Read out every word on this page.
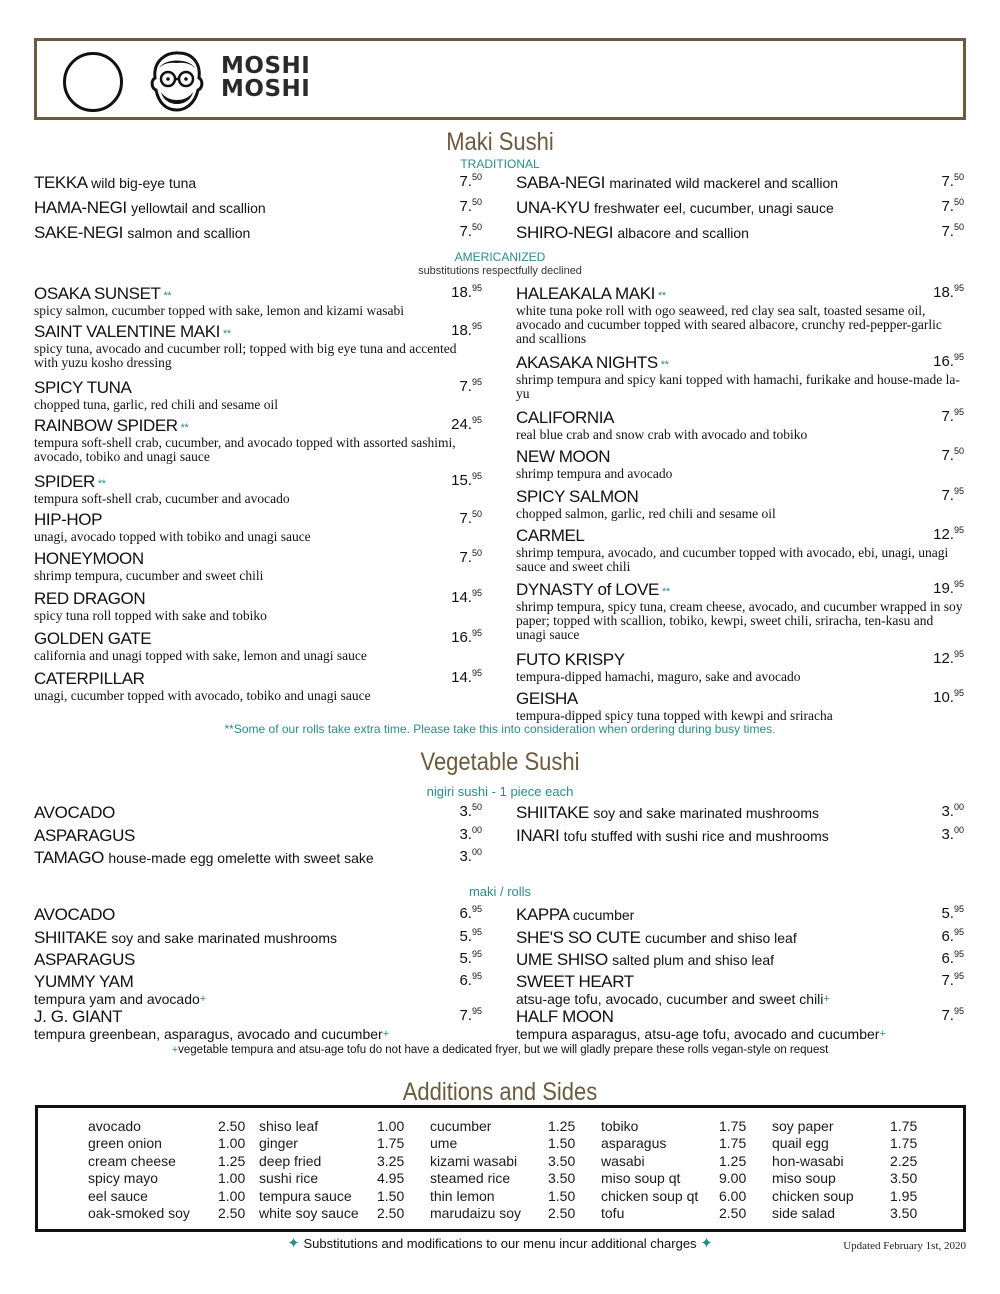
MOSHI
MOSHI
Maki Sushi
TRADITIONAL
TEKKA wild big-eye tuna	7.50
HAMA-NEGI yellowtail and scallion	7.50
SAKE-NEGI salmon and scallion	7.50
SABA-NEGI marinated wild mackerel and scallion	7.50
UNA-KYU freshwater eel, cucumber, unagi sauce	7.50
SHIRO-NEGI albacore and scallion	7.50
AMERICANIZED
substitutions respectfully declined
OSAKA SUNSET **	18.95
spicy salmon, cucumber topped with sake, lemon and kizami wasabi
SAINT VALENTINE MAKI **	18.95
spicy tuna, avocado and cucumber roll; topped with big eye tuna and accented with yuzu kosho dressing
SPICY TUNA	7.95
chopped tuna, garlic, red chili and sesame oil
RAINBOW SPIDER **	24.95
tempura soft-shell crab, cucumber, and avocado topped with assorted sashimi, avocado, tobiko and unagi sauce
SPIDER **	15.95
tempura soft-shell crab, cucumber and avocado
HIP-HOP	7.50
unagi, avocado topped with tobiko and unagi sauce
HONEYMOON	7.50
shrimp tempura, cucumber and sweet chili
RED DRAGON	14.95
spicy tuna roll topped with sake and tobiko
GOLDEN GATE	16.95
california and unagi topped with sake, lemon and unagi sauce
CATERPILLAR	14.95
unagi, cucumber topped with avocado, tobiko and unagi sauce
HALEAKALA MAKI **	18.95
white tuna poke roll with ogo seaweed, red clay sea salt, toasted sesame oil, avocado and cucumber topped with seared albacore, crunchy red-pepper-garlic and scallions
AKASAKA NIGHTS **	16.95
shrimp tempura and spicy kani topped with hamachi, furikake and house-made la-yu
CALIFORNIA	7.95
real blue crab and snow crab with avocado and tobiko
NEW MOON	7.50
shrimp tempura and avocado
SPICY SALMON	7.95
chopped salmon, garlic, red chili and sesame oil
CARMEL	12.95
shrimp tempura, avocado, and cucumber topped with avocado, ebi, unagi, unagi sauce and sweet chili
DYNASTY of LOVE **	19.95
shrimp tempura, spicy tuna, cream cheese, avocado, and cucumber wrapped in soy paper; topped with scallion, tobiko, kewpi, sweet chili, sriracha, ten-kasu and unagi sauce
FUTO KRISPY	12.95
tempura-dipped hamachi, maguro, sake and avocado
GEISHA	10.95
tempura-dipped spicy tuna topped with kewpi and sriracha
**Some of our rolls take extra time. Please take this into consideration when ordering during busy times.
Vegetable Sushi
nigiri sushi - 1 piece each
AVOCADO	3.50
ASPARAGUS	3.00
TAMAGO house-made egg omelette with sweet sake	3.00
SHIITAKE soy and sake marinated mushrooms	3.00
INARI tofu stuffed with sushi rice and mushrooms	3.00
maki / rolls
AVOCADO	6.95
SHIITAKE soy and sake marinated mushrooms	5.95
ASPARAGUS	5.95
YUMMY YAM	6.95
tempura yam and avocado+
J. G. GIANT	7.95
tempura greenbean, asparagus, avocado and cucumber+
KAPPA cucumber	5.95
SHE'S SO CUTE cucumber and shiso leaf	6.95
UME SHISO salted plum and shiso leaf	6.95
SWEET HEART	7.95
atsu-age tofu, avocado, cucumber and sweet chili+
HALF MOON	7.95
tempura asparagus, atsu-age tofu, avocado and cucumber+
+vegetable tempura and atsu-age tofu do not have a dedicated fryer, but we will gladly prepare these rolls vegan-style on request
Additions and Sides
avocado	2.50
green onion	1.00
cream cheese	1.25
spicy mayo	1.00
eel sauce	1.00
oak-smoked soy 2.50
shiso leaf	1.00
ginger	1.75
deep fried	3.25
sushi rice	4.95
tempura sauce 1.50
white soy sauce 2.50
cucumber	1.25
ume	1.50
kizami wasabi 3.50
steamed rice	3.50
thin lemon	1.50
marudaizu soy 2.50
tobiko	1.75
asparagus	1.75
wasabi	1.25
miso soup qt	9.00
chicken soup qt 6.00
tofu	2.50
soy paper	1.75
quail egg	1.75
hon-wasabi	2.25
miso soup	3.50
chicken soup	1.95
side salad	3.50
✦ Substitutions and modifications to our menu incur additional charges ✦	Updated February 1st, 2020
